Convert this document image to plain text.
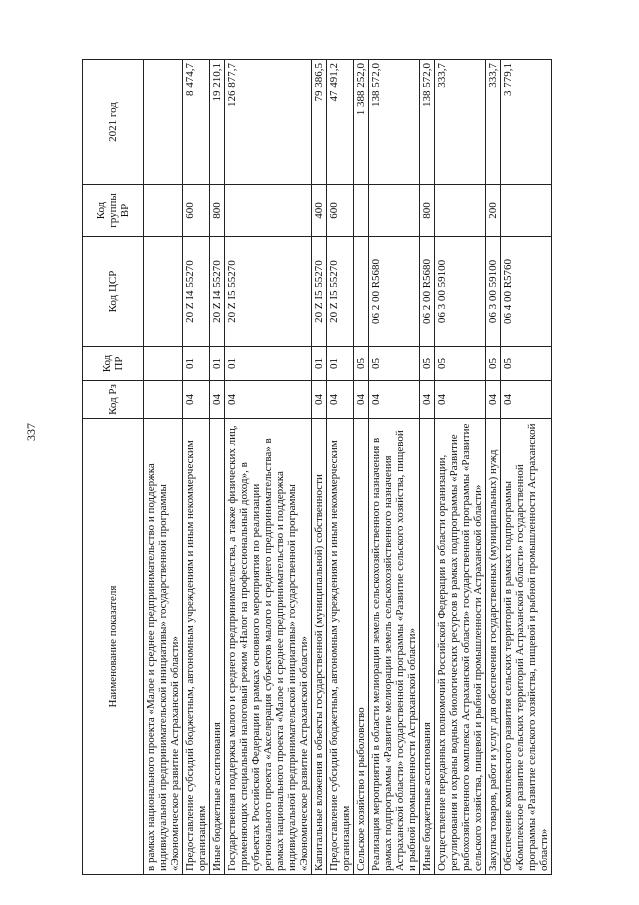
337
Наименование показателя	Код Рз	Код ПР	Код ЦСР	Код группы ВР	2021 год
в рамках национального проекта «Малое и среднее предпринимательство и поддержка индивидуальной предпринимательской инициативы» государственной программы «Экономическое развитие Астраханской области»					
Предоставление субсидий бюджетным, автономным учреждениям и иным некоммерческим организациям	04	01	20 Z I4 55270	600	8 474,7
Иные бюджетные ассигнования	04	01	20 Z I4 55270	800	19 210,1
Государственная поддержка малого и среднего предпринимательства, а также физических лиц, применяющих специальный налоговый режим «Налог на профессиональный доход», в субъектах Российской Федерации в рамках основного мероприятия по реализации регионального проекта «Акселерация субъектов малого и среднего предпринимательства» в рамках национального проекта «Малое и среднее предпринимательство и поддержка индивидуальной предпринимательской инициативы» государственной программы «Экономическое развитие Астраханской области»	04	01	20 Z I5 55270		126 877,7
Капитальные вложения в объекты государственной (муниципальной) собственности	04	01	20 Z I5 55270	400	79 386,5
Предоставление субсидий бюджетным, автономным учреждениям и иным некоммерческим организациям	04	01	20 Z I5 55270	600	47 491,2
Сельское хозяйство и рыболовство	04	05			1 388 252,0
Реализация мероприятий в области мелиорации земель сельскохозяйственного назначения в рамках подпрограммы «Развитие мелиорации земель сельскохозяйственного назначения Астраханской области» государственной программы «Развитие сельского хозяйства, пищевой и рыбной промышленности Астраханской области»	04	05	06 2 00 R5680		138 572,0
Иные бюджетные ассигнования	04	05	06 2 00 R5680	800	138 572,0
Осуществление переданных полномочий Российской Федерации в области организации, регулирования и охраны водных биологических ресурсов в рамках подпрограммы «Развитие рыбохозяйственного комплекса Астраханской области» государственной программы «Развитие сельского хозяйства, пищевой и рыбной промышленности Астраханской области»	04	05	06 3 00 59100		333,7
Закупка товаров, работ и услуг для обеспечения государственных (муниципальных) нужд	04	05	06 3 00 59100	200	333,7
Обеспечение комплексного развития сельских территорий в рамках подпрограммы «Комплексное развитие сельских территорий Астраханской области» государственной программы «Развитие сельского хозяйства, пищевой и рыбной промышленности Астраханской области»	04	05	06 4 00 R5760		3 779,1
